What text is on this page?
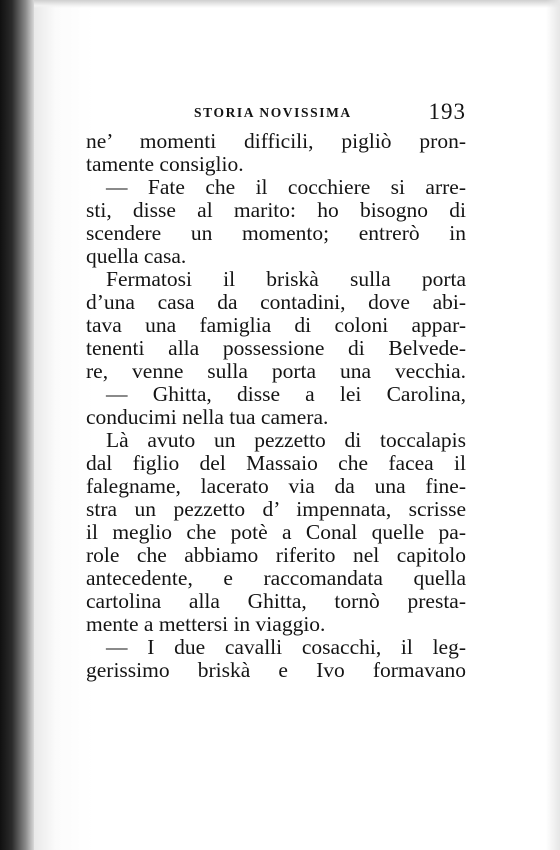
STORIA NOVISSIMA	193
ne’ momenti difficili, pigliò pron-
tamente consiglio.
— Fate che il cocchiere si arre-
sti, disse al marito: ho bisogno di
scendere un momento; entrerò in
quella casa.
Fermatosi il briskà sulla porta
d’una casa da contadini, dove abi-
tava una famiglia di coloni appar-
tenenti alla possessione di Belvede-
re, venne sulla porta una vecchia.
— Ghitta, disse a lei Carolina,
conducimi nella tua camera.
Là avuto un pezzetto di toccalapis
dal figlio del Massaio che facea il
falegname, lacerato via da una fine-
stra un pezzetto d’ impennata, scrisse
il meglio che potè a Conal quelle pa-
role che abbiamo riferito nel capitolo
antecedente, e raccomandata quella
cartolina alla Ghitta, tornò presta-
mente a mettersi in viaggio.
— I due cavalli cosacchi, il leg-
gerissimo briskà e Ivo formavano
